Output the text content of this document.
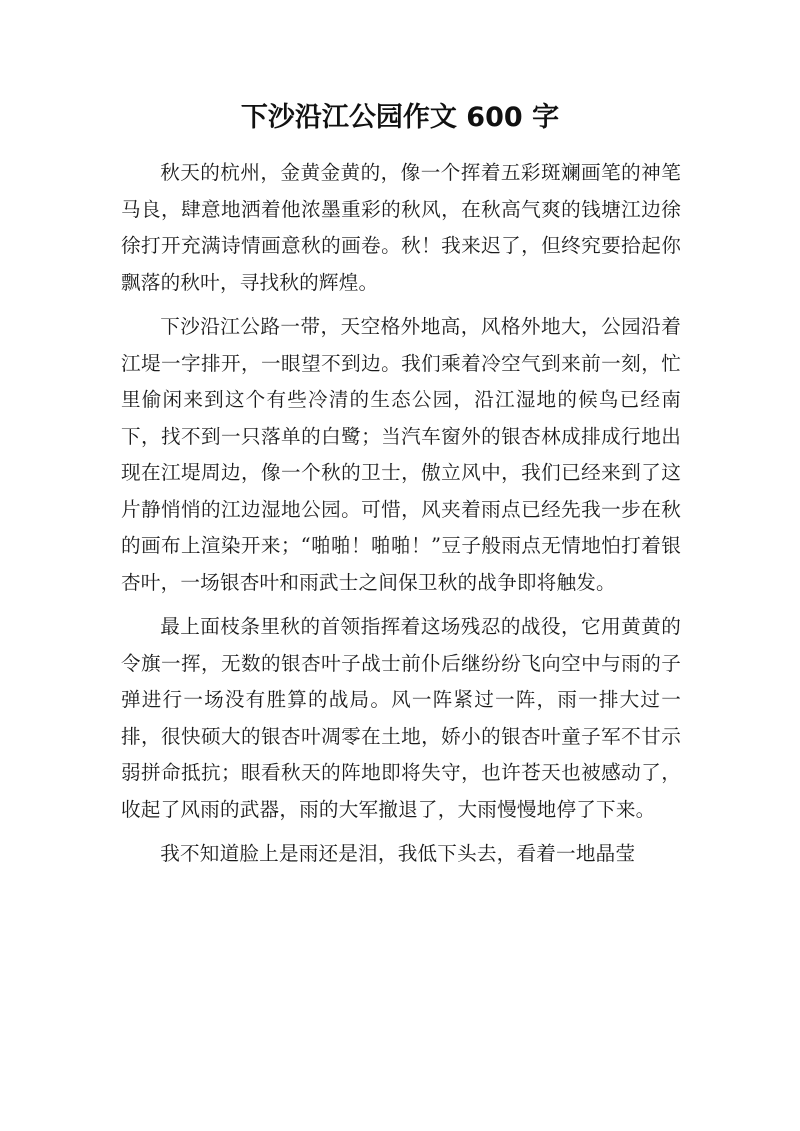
下沙沿江公园作文 600 字

秋天的杭州，金黄金黄的，像一个挥着五彩斑斓画笔的神笔马良，肆意地洒着他浓墨重彩的秋风，在秋高气爽的钱塘江边徐徐打开充满诗情画意秋的画卷。秋！我来迟了，但终究要拾起你飘落的秋叶，寻找秋的辉煌。

下沙沿江公路一带，天空格外地高，风格外地大，公园沿着江堤一字排开，一眼望不到边。我们乘着冷空气到来前一刻，忙里偷闲来到这个有些冷清的生态公园，沿江湿地的候鸟已经南下，找不到一只落单的白鹭；当汽车窗外的银杏林成排成行地出现在江堤周边，像一个秋的卫士，傲立风中，我们已经来到了这片静悄悄的江边湿地公园。可惜，风夹着雨点已经先我一步在秋的画布上渲染开来；“啪啪！啪啪！”豆子般雨点无情地怕打着银杏叶，一场银杏叶和雨武士之间保卫秋的战争即将触发。

最上面枝条里秋的首领指挥着这场残忍的战役，它用黄黄的令旗一挥，无数的银杏叶子战士前仆后继纷纷飞向空中与雨的子弹进行一场没有胜算的战局。风一阵紧过一阵，雨一排大过一排，很快硕大的银杏叶凋零在土地，娇小的银杏叶童子军不甘示弱拼命抵抗；眼看秋天的阵地即将失守，也许苍天也被感动了，收起了风雨的武器，雨的大军撤退了，大雨慢慢地停了下来。

我不知道脸上是雨还是泪，我低下头去，看着一地晶莹
